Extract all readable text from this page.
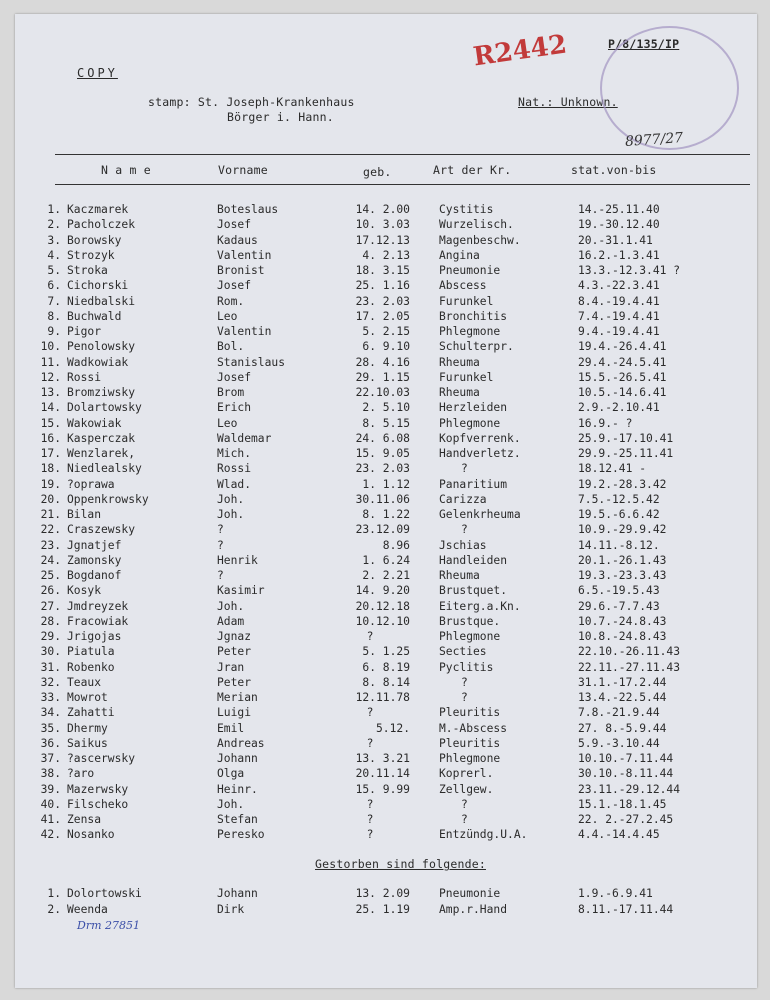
COPY
stamp: St. Joseph-Krankenhaus
Börger i. Hann.
Nat.: Unknown.
P/8/135/IP
R2442
8977/27
N a m e	Vorname	geb.	Art der Kr.	stat.von-bis
1. Kaczmarek	Boteslaus	14. 2.00	Cystitis	14.-25.11.40
2. Pacholczek	Josef	10. 3.03	Wurzelisch.	19.-30.12.40
3. Borowsky	Kadaus	17.12.13	Magenbeschw.	20.-31.1.41
4. Strozyk	Valentin	4. 2.13	Angina	16.2.-1.3.41
5. Stroka	Bronist	18. 3.15	Pneumonie	13.3.-12.3.41 ?
6. Cichorski	Josef	25. 1.16	Abscess	4.3.-22.3.41
7. Niedbalski	Rom.	23. 2.03	Furunkel	8.4.-19.4.41
8. Buchwald	Leo	17. 2.05	Bronchitis	7.4.-19.4.41
9. Pigor	Valentin	5. 2.15	Phlegmone	9.4.-19.4.41
10. Penolowsky	Bol.	6. 9.10	Schulterpr.	19.4.-26.4.41
11. Wadkowiak	Stanislaus	28. 4.16	Rheuma	29.4.-24.5.41
12. Rossi	Josef	29. 1.15	Furunkel	15.5.-26.5.41
13. Bromziwsky	Brom	22.10.03	Rheuma	10.5.-14.6.41
14. Dolartowsky	Erich	2. 5.10	Herzleiden	2.9.-2.10.41
15. Wakowiak	Leo	8. 5.15	Phlegmone	16.9.- ?
16. Kasperczak	Waldemar	24. 6.08	Kopfverrenk.	25.9.-17.10.41
17. Wenzlarek,	Mich.	15. 9.05	Handverletz.	29.9.-25.11.41
18. Niedlealsky	Rossi	23. 2.03	?	18.12.41 -
19. ?oprawa	Wlad.	1. 1.12	Panaritium	19.2.-28.3.42
20. Oppenkrowsky	Joh.	30.11.06	Carizza	7.5.-12.5.42
21. Bilan	Joh.	8. 1.22	Gelenkrheuma	19.5.-6.6.42
22. Craszewsky	?	23.12.09	?	10.9.-29.9.42
23. Jgnatjef	?	8.96	Jschias	14.11.-8.12.
24. Zamonsky	Henrik	1. 6.24	Handleiden	20.1.-26.1.43
25. Bogdanof	?	2. 2.21	Rheuma	19.3.-23.3.43
26. Kosyk	Kasimir	14. 9.20	Brustquet.	6.5.-19.5.43
27. Jmdreyzek	Joh.	20.12.18	Eiterg.a.Kn.	29.6.-7.7.43
28. Fracowiak	Adam	10.12.10	Brustque.	10.7.-24.8.43
29. Jrigojas	Jgnaz	?	Phlegmone	10.8.-24.8.43
30. Piatula	Peter	5. 1.25	Secties	22.10.-26.11.43
31. Robenko	Jran	6. 8.19	Pyclitis	22.11.-27.11.43
32. Teaux	Peter	8. 8.14	?	31.1.-17.2.44
33. Mowrot	Merian	12.11.78	?	13.4.-22.5.44
34. Zahatti	Luigi	?	Pleuritis	7.8.-21.9.44
35. Dhermy	Emil	5.12.	M.-Abscess	27. 8.-5.9.44
36. Saikus	Andreas	?	Pleuritis	5.9.-3.10.44
37. ?ascerwsky	Johann	13. 3.21	Phlegmone	10.10.-7.11.44
38. ?aro	Olga	20.11.14	Koprerl.	30.10.-8.11.44
39. Mazerwsky	Heinr.	15. 9.99	Zellgew.	23.11.-29.12.44
40. Filscheko	Joh.	?	?	15.1.-18.1.45
41. Zensa	Stefan	?	?	22. 2.-27.2.45
42. Nosanko	Peresko	?	Entzündg.U.A.	4.4.-14.4.45
Gestorben sind folgende:
1. Dolortowski	Johann	13. 2.09	Pneumonie	1.9.-6.9.41
2. Weenda	Dirk	25. 1.19	Amp.r.Hand	8.11.-17.11.44
Drm 27851
